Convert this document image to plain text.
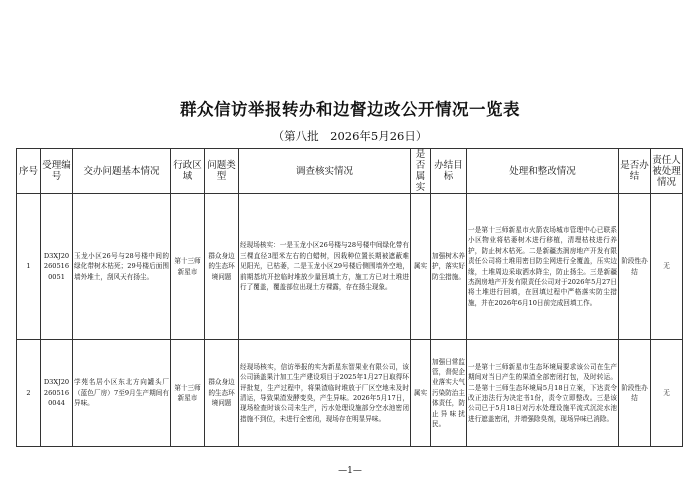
群众信访举报转办和边督边改公开情况一览表
（第八批　2026年5月26日）
序号	受理编号	交办问题基本情况	行政区域	问题类型	调查核实情况	是否属实	办结目标	处理和整改情况	是否办结	责任人被处理情况
1	D3XJ202605160051	玉龙小区26号与28号楼中间的绿化带树木枯死；29号楼后面围墙外堆土，刮风天有扬尘。	第十三师新星市	群众身边的生态环境问题	经现场核实：一是玉龙小区26号楼与28号楼中间绿化带有三棵直径3厘米左右的白蜡树，因栽种位置长期被遮蔽难见阳光，已枯萎，二是玉龙小区29号楼后侧围墙外空地，前期基坑开挖临时堆放少量回填土方，施工方已对土堆进行了覆盖，覆盖部位出现土方裸露，存在扬尘现象。	属实	加强树木养护，落实好防尘措施。	一是第十三师新星市火箭农场城市管理中心已联系小区物业将枯萎树木进行移植，清理枯枝进行养护，防止树木枯死。二是新疆杰润房地产开发有限责任公司将土堆用密目防尘网进行全覆盖，压实边缘，土堆周边采取洒水降尘，防止扬尘。三是新疆杰润房地产开发有限责任公司对于2026年5月27日将土堆进行回填，在回填过程中严格落实防尘措施，并在2026年6月10日前完成回填工作。	阶段性办结	无
2	D3XJ202605160044	学苑名居小区东北方向罐头厂（蓝色厂房）7至9月生产期间有异味。	第十三师新星市	群众身边的生态环境问题	经现场核实，信访举报的实为新星东智果业有限公司，该公司涵盖果汁加工生产建设项目于2025年1月27日取得环评批复，生产过程中，将果渣临时堆放于厂区空地未及时清运，导致果渣发酵变臭，产生异味。2026年5月17日，现场检查时该公司未生产，污水处理设施部分空水池密闭措施不到位，未进行全密闭，现场存在明显异味。	属实	加强日常监管，督促企业落实大气污染防治主体责任，防止异味扰民。	一是第十三师新星市生态环境局要求该公司在生产期间对当日产生的果渣全部密闭打包，及时转运。二是第十三师生态环境局5月18日立案，下达责令改正违法行为决定书1份，责令立即整改。三是该公司已于5月18日对污水处理设施平流式沉淀水池进行遮盖密闭，并增强除臭剂，现场异味已消除。	阶段性办结	无
—1—
